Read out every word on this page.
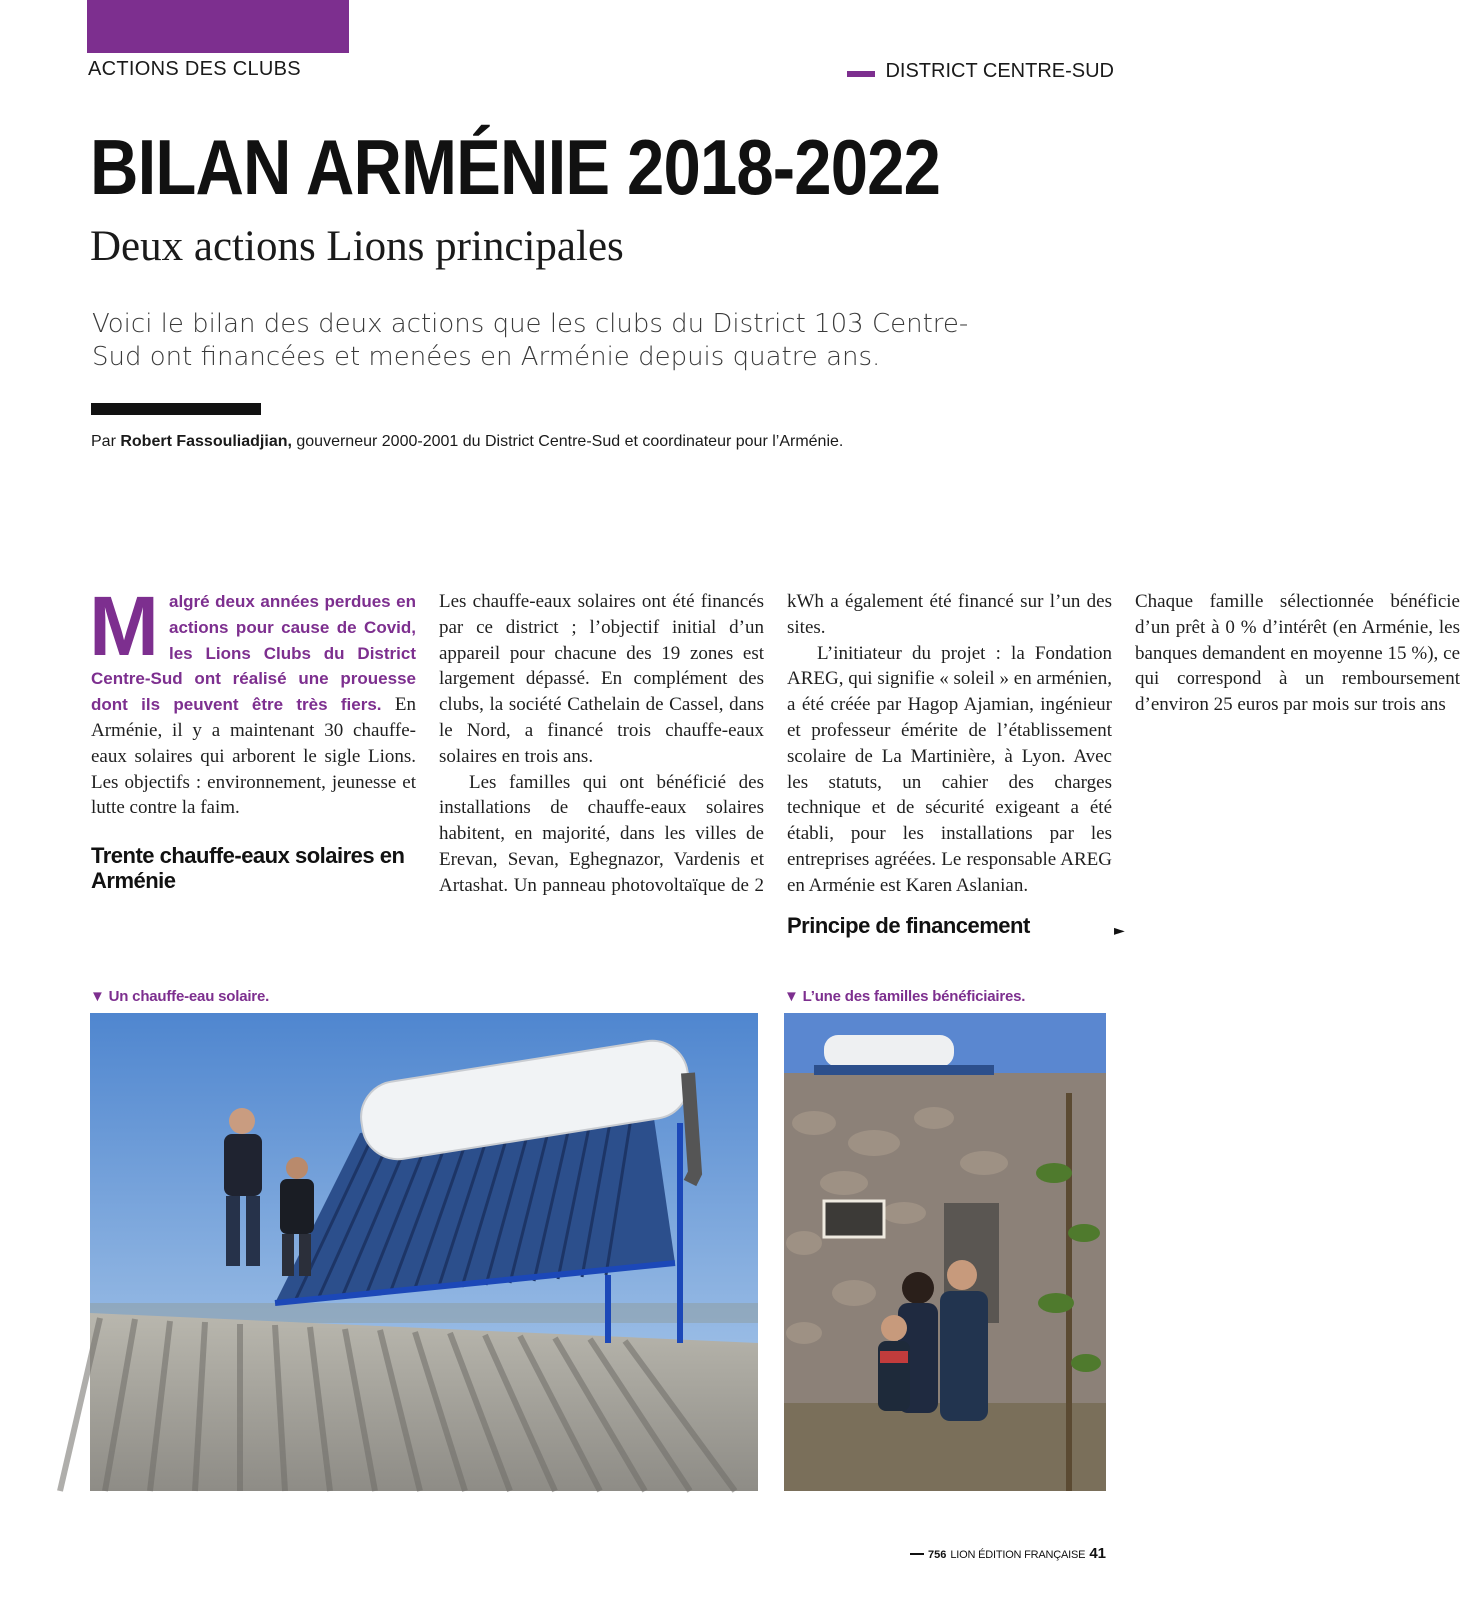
ACTIONS DES CLUBS	DISTRICT CENTRE-SUD
BILAN ARMÉNIE 2018-2022
Deux actions Lions principales

Voici le bilan des deux actions que les clubs du District 103 Centre-Sud ont financées et menées en Arménie depuis quatre ans.

Par Robert Fassouliadjian, gouverneur 2000-2001 du District Centre-Sud et coordinateur pour l’Arménie.

Malgré deux années perdues en actions pour cause de Covid, les Lions Clubs du District Centre-Sud ont réalisé une prouesse dont ils peuvent être très fiers. En Arménie, il y a maintenant 30 chauffe-eaux solaires qui arborent le sigle Lions. Les objectifs : environnement, jeunesse et lutte contre la faim.

Trente chauffe-eaux solaires en Arménie

Les chauffe-eaux solaires ont été financés par ce district ; l’objectif initial d’un appareil pour chacune des 19 zones est largement dépassé. En complément des clubs, la société Cathelain de Cassel, dans le Nord, a financé trois chauffe-eaux solaires en trois ans.

Les familles qui ont bénéficié des installations de chauffe-eaux solaires habitent, en majorité, dans les villes de Erevan, Sevan, Eghegnazor, Vardenis et Artashat. Un panneau photovoltaïque de 2 kWh a également été financé sur l’un des sites.

L’initiateur du projet : la Fondation AREG, qui signifie « soleil » en arménien, a été créée par Hagop Ajamian, ingénieur et professeur émérite de l’établissement scolaire de La Martinière, à Lyon. Avec les statuts, un cahier des charges technique et de sécurité exigeant a été établi, pour les installations par les entreprises agréées. Le responsable AREG en Arménie est Karen Aslanian.

Principe de financement

Chaque famille sélectionnée bénéficie d’un prêt à 0 % d’intérêt (en Arménie, les banques demandent en moyenne 15 %), ce qui correspond à un remboursement d’environ 25 euros par mois sur trois ans

►
▼ Un chauffe-eau solaire.	▼ L’une des familles bénéficiaires.
756 LION ÉDITION FRANÇAISE 41
